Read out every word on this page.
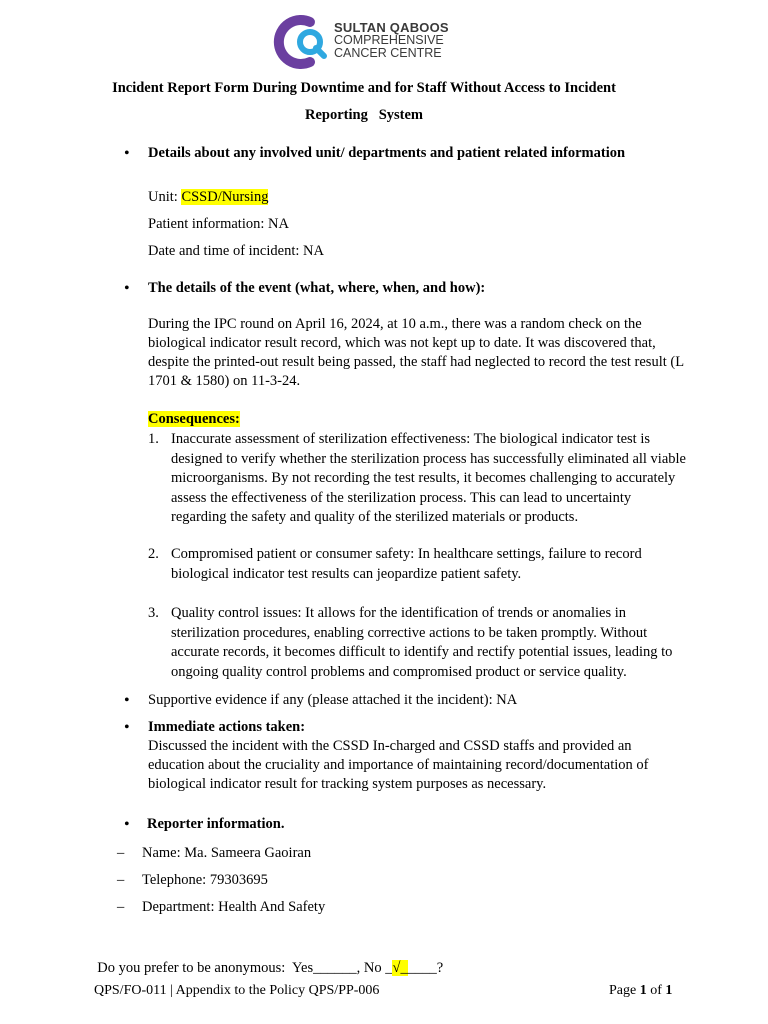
SULTAN QABOOS
COMPREHENSIVE
CANCER CENTRE
Incident Report Form During Downtime and for Staff Without Access to Incident
Reporting   System
• Details about any involved unit/ departments and patient related information
Unit: CSSD/Nursing
Patient information: NA
Date and time of incident: NA
• The details of the event (what, where, when, and how):
During the IPC round on April 16, 2024, at 10 a.m., there was a random check on the biological indicator result record, which was not kept up to date. It was discovered that, despite the printed-out result being passed, the staff had neglected to record the test result (L 1701 & 1580) on 11-3-24.
Consequences:
1. Inaccurate assessment of sterilization effectiveness: The biological indicator test is designed to verify whether the sterilization process has successfully eliminated all viable microorganisms. By not recording the test results, it becomes challenging to accurately assess the effectiveness of the sterilization process. This can lead to uncertainty regarding the safety and quality of the sterilized materials or products.
2. Compromised patient or consumer safety: In healthcare settings, failure to record biological indicator test results can jeopardize patient safety.
3. Quality control issues: It allows for the identification of trends or anomalies in sterilization procedures, enabling corrective actions to be taken promptly. Without accurate records, it becomes difficult to identify and rectify potential issues, leading to ongoing quality control problems and compromised product or service quality.
• Supportive evidence if any (please attached it the incident): NA
• Immediate actions taken:
Discussed the incident with the CSSD In-charged and CSSD staffs and provided an education about the cruciality and importance of maintaining record/documentation of biological indicator result for tracking system purposes as necessary.
• Reporter information.
– Name: Ma. Sameera Gaoiran
– Telephone: 79303695
– Department: Health And Safety

Do you prefer to be anonymous:  Yes______, No _√_____?

QPS/FO-011 | Appendix to the Policy QPS/PP-006	Page 1 of 1
